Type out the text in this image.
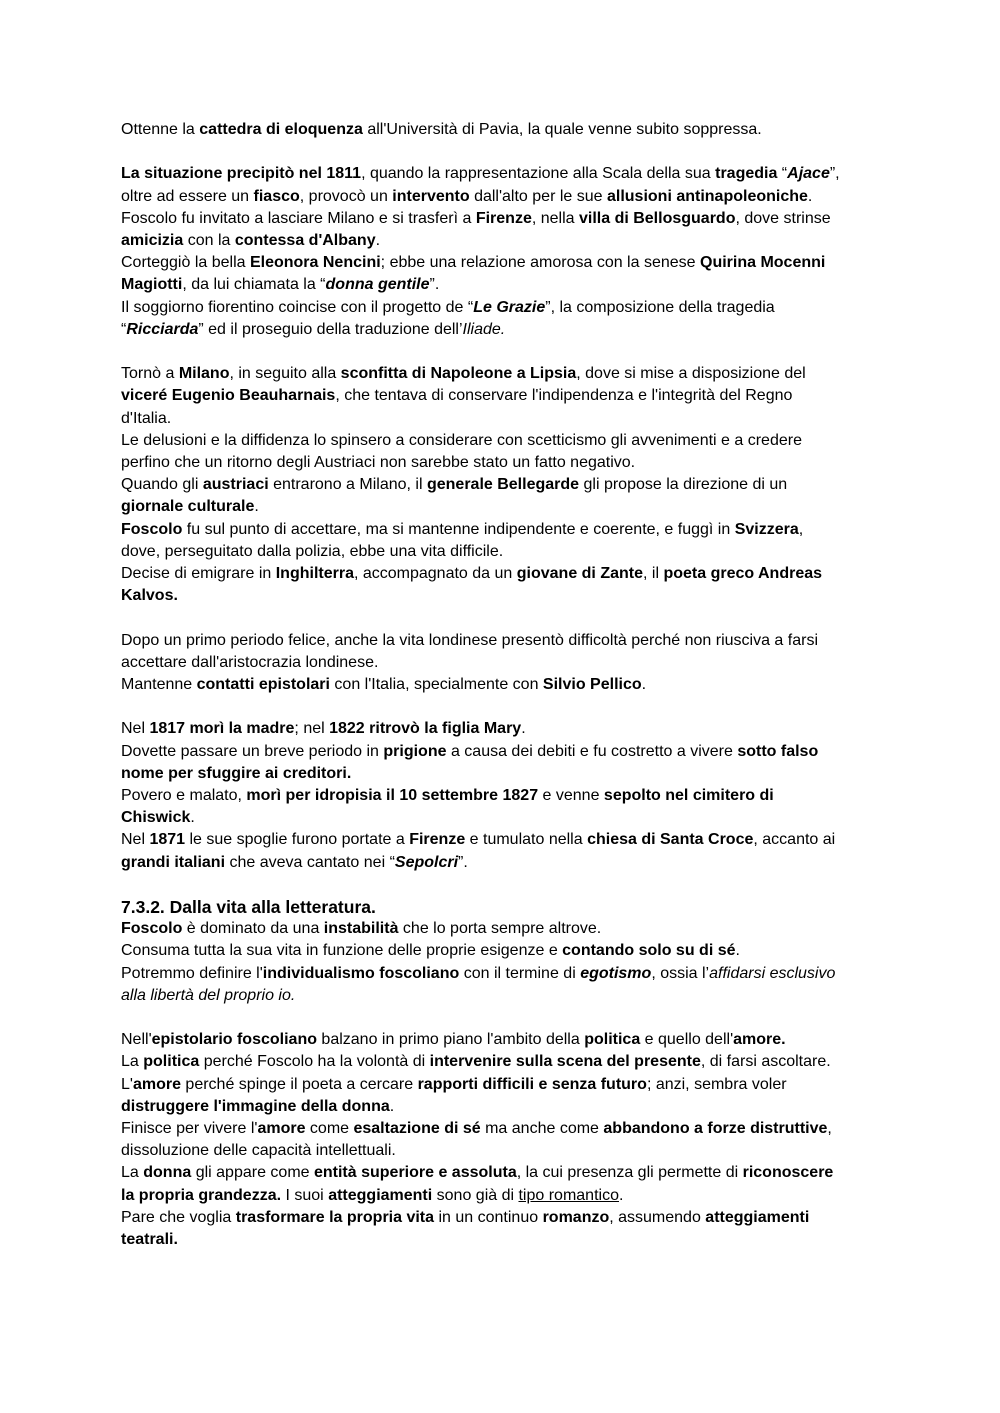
Ottenne la cattedra di eloquenza all'Università di Pavia, la quale venne subito soppressa.
La situazione precipitò nel 1811, quando la rappresentazione alla Scala della sua tragedia “Ajace”,
oltre ad essere un fiasco, provocò un intervento dall'alto per le sue allusioni antinapoleoniche.
Foscolo fu invitato a lasciare Milano e si trasferì a Firenze, nella villa di Bellosguardo, dove strinse
amicizia con la contessa d'Albany.
Corteggiò la bella Eleonora Nencini; ebbe una relazione amorosa con la senese Quirina Mocenni
Magiotti, da lui chiamata la “donna gentile”.
Il soggiorno fiorentino coincise con il progetto de “Le Grazie”, la composizione della tragedia
“Ricciarda” ed il proseguio della traduzione dell’Iliade.
Tornò a Milano, in seguito alla sconfitta di Napoleone a Lipsia, dove si mise a disposizione del
viceré Eugenio Beauharnais, che tentava di conservare l'indipendenza e l'integrità del Regno
d'Italia.
Le delusioni e la diffidenza lo spinsero a considerare con scetticismo gli avvenimenti e a credere
perfino che un ritorno degli Austriaci non sarebbe stato un fatto negativo.
Quando gli austriaci entrarono a Milano, il generale Bellegarde gli propose la direzione di un
giornale culturale.
Foscolo fu sul punto di accettare, ma si mantenne indipendente e coerente, e fuggì in Svizzera,
dove, perseguitato dalla polizia, ebbe una vita difficile.
Decise di emigrare in Inghilterra, accompagnato da un giovane di Zante, il poeta greco Andreas
Kalvos.
Dopo un primo periodo felice, anche la vita londinese presentò difficoltà perché non riusciva a farsi
accettare dall'aristocrazia londinese.
Mantenne contatti epistolari con l'Italia, specialmente con Silvio Pellico.
Nel 1817 morì la madre; nel 1822 ritrovò la figlia Mary.
Dovette passare un breve periodo in prigione a causa dei debiti e fu costretto a vivere sotto falso
nome per sfuggire ai creditori.
Povero e malato, morì per idropisia il 10 settembre 1827 e venne sepolto nel cimitero di
Chiswick.
Nel 1871 le sue spoglie furono portate a Firenze e tumulato nella chiesa di Santa Croce, accanto ai
grandi italiani che aveva cantato nei “Sepolcri”.
7.3.2. Dalla vita alla letteratura.
Foscolo è dominato da una instabilità che lo porta sempre altrove.
Consuma tutta la sua vita in funzione delle proprie esigenze e contando solo su di sé.
Potremmo definire l'individualismo foscoliano con il termine di egotismo, ossia l’affidarsi esclusivo
alla libertà del proprio io.
Nell'epistolario foscoliano balzano in primo piano l'ambito della politica e quello dell'amore.
La politica perché Foscolo ha la volontà di intervenire sulla scena del presente, di farsi ascoltare.
L'amore perché spinge il poeta a cercare rapporti difficili e senza futuro; anzi, sembra voler
distruggere l'immagine della donna.
Finisce per vivere l'amore come esaltazione di sé ma anche come abbandono a forze distruttive,
dissoluzione delle capacità intellettuali.
La donna gli appare come entità superiore e assoluta, la cui presenza gli permette di riconoscere
la propria grandezza. I suoi atteggiamenti sono già di tipo romantico.
Pare che voglia trasformare la propria vita in un continuo romanzo, assumendo atteggiamenti
teatrali.
